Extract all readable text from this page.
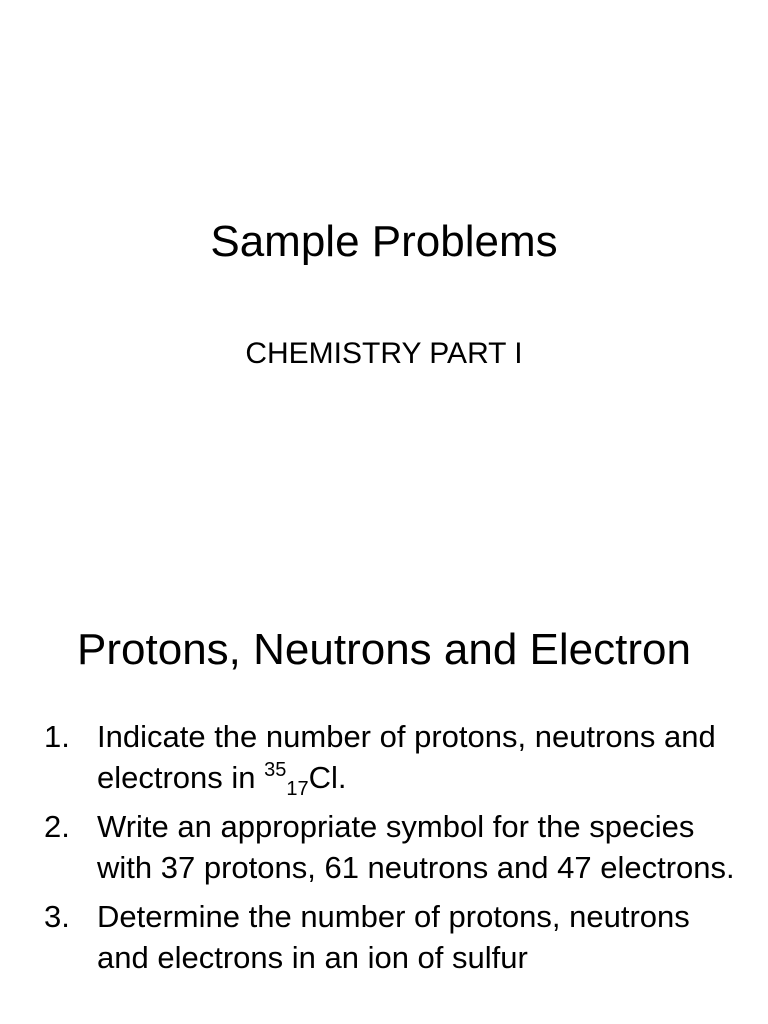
Sample Problems
CHEMISTRY PART I
Protons, Neutrons and Electron
1. Indicate the number of protons, neutrons and electrons in $^{35}_{17}$Cl.
2. Write an appropriate symbol for the species with 37 protons, 61 neutrons and 47 electrons.
3. Determine the number of protons, neutrons and electrons in an ion of sulfur
